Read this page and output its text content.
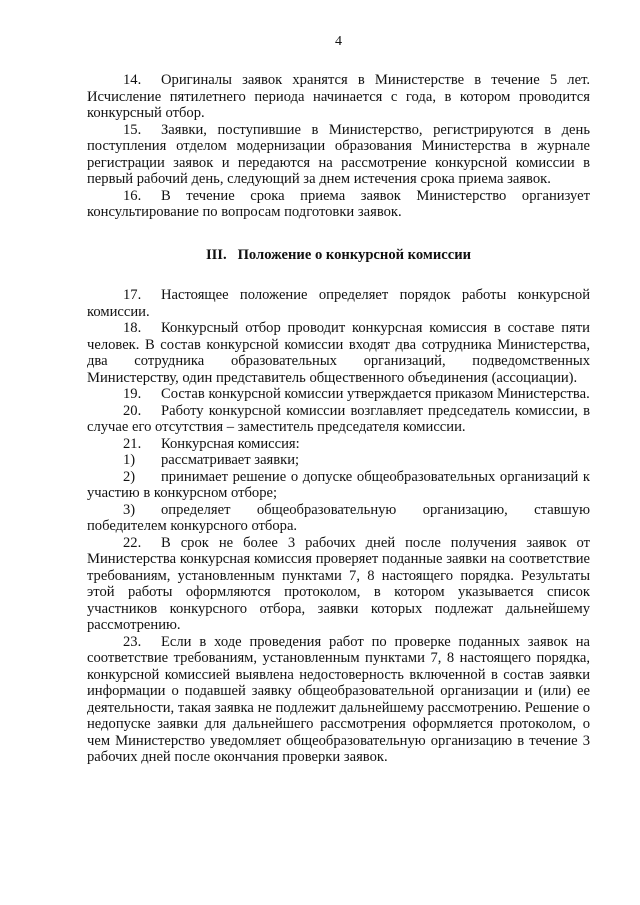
4

14. Оригиналы заявок хранятся в Министерстве в течение 5 лет. Исчисление пятилетнего периода начинается с года, в котором проводится конкурсный отбор.

15. Заявки, поступившие в Министерство, регистрируются в день поступления отделом модернизации образования Министерства в журнале регистрации заявок и передаются на рассмотрение конкурсной комиссии в первый рабочий день, следующий за днем истечения срока приема заявок.

16. В течение срока приема заявок Министерство организует консультирование по вопросам подготовки заявок.

III.   Положение о конкурсной комиссии

17. Настоящее положение определяет порядок работы конкурсной комиссии.

18. Конкурсный отбор проводит конкурсная комиссия в составе пяти человек. В состав конкурсной комиссии входят два сотрудника Министерства, два сотрудника образовательных организаций, подведомственных Министерству, один представитель общественного объединения (ассоциации).

19. Состав конкурсной комиссии утверждается приказом Министерства.

20. Работу конкурсной комиссии возглавляет председатель комиссии, в случае его отсутствия – заместитель председателя комиссии.

21. Конкурсная комиссия:

1) рассматривает заявки;

2) принимает решение о допуске общеобразовательных организаций к участию в конкурсном отборе;

3) определяет общеобразовательную организацию, ставшую победителем конкурсного отбора.

22. В срок не более 3 рабочих дней после получения заявок от Министерства конкурсная комиссия проверяет поданные заявки на соответствие требованиям, установленным пунктами 7, 8 настоящего порядка. Результаты этой работы оформляются протоколом, в котором указывается список участников конкурсного отбора, заявки которых подлежат дальнейшему рассмотрению.

23. Если в ходе проведения работ по проверке поданных заявок на соответствие требованиям, установленным пунктами 7, 8 настоящего порядка, конкурсной комиссией выявлена недостоверность включенной в состав заявки информации о подавшей заявку общеобразовательной организации и (или) ее деятельности, такая заявка не подлежит дальнейшему рассмотрению. Решение о недопуске заявки для дальнейшего рассмотрения оформляется протоколом, о чем Министерство уведомляет общеобразовательную организацию в течение 3 рабочих дней после окончания проверки заявок.
